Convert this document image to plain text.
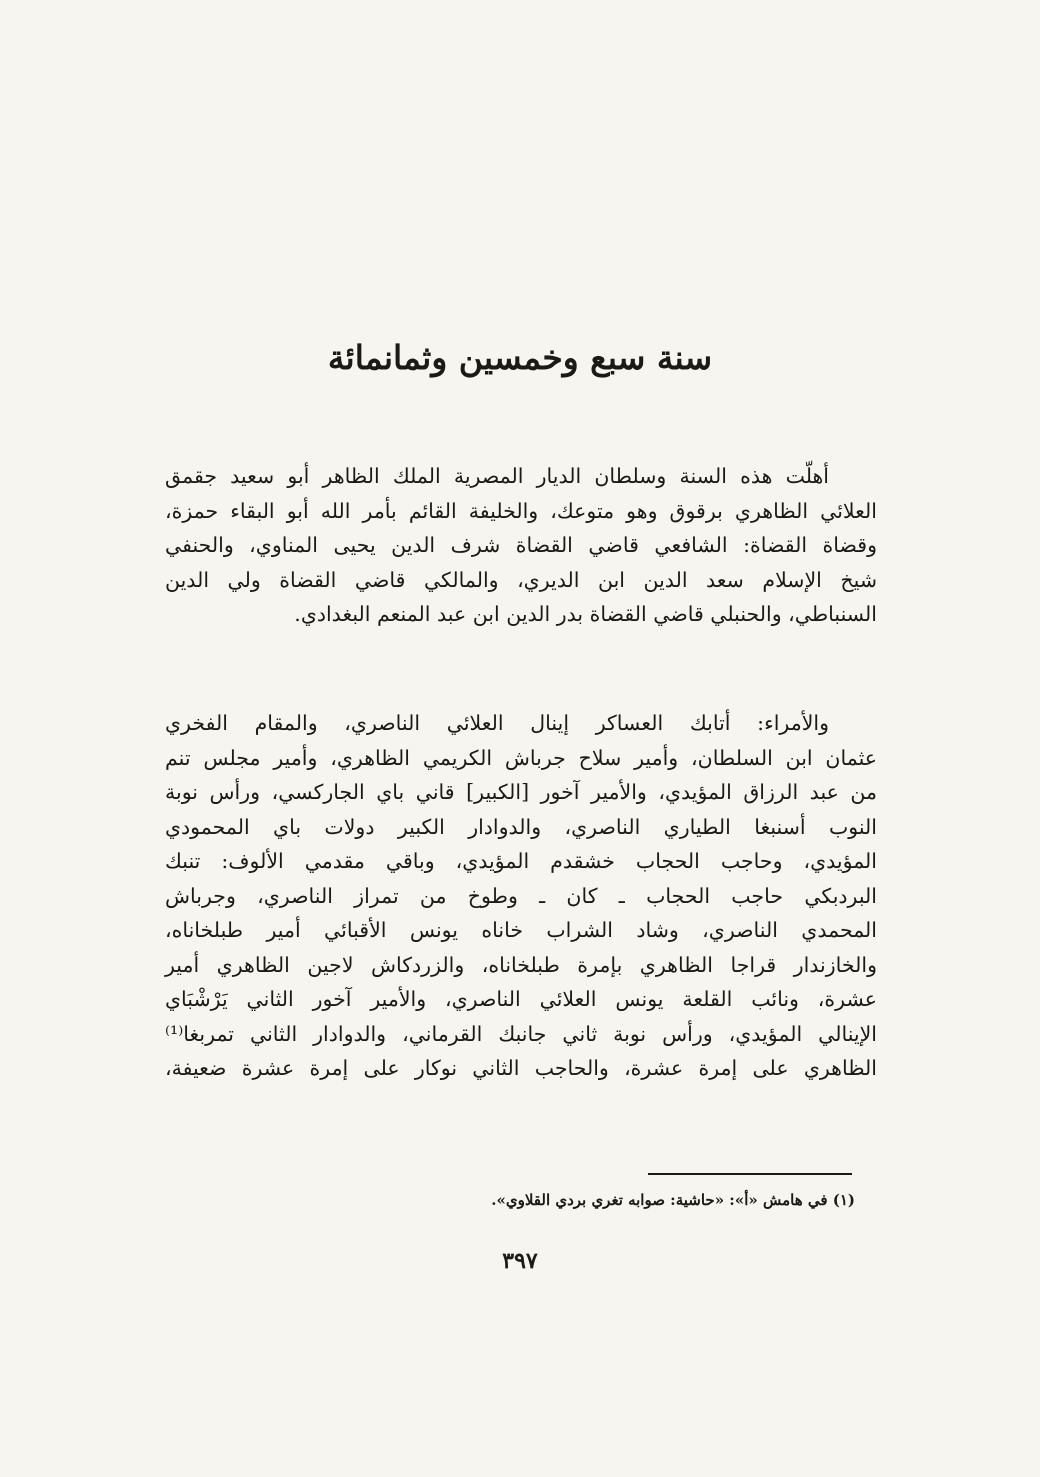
سنة سبع وخمسين وثمانمائة
أهلّت هذه السنة وسلطان الديار المصرية الملك الظاهر أبو سعيد جقمق
العلائي الظاهري برقوق وهو متوعك، والخليفة القائم بأمر الله أبو البقاء حمزة،
وقضاة القضاة: الشافعي قاضي القضاة شرف الدين يحيى المناوي، والحنفي
شيخ الإسلام سعد الدين ابن الديري، والمالكي قاضي القضاة ولي الدين
السنباطي، والحنبلي قاضي القضاة بدر الدين ابن عبد المنعم البغدادي.
والأمراء: أتابك العساكر إينال العلائي الناصري، والمقام الفخري
عثمان ابن السلطان، وأمير سلاح جرباش الكريمي الظاهري، وأمير مجلس تنم
من عبد الرزاق المؤيدي، والأمير آخور [الكبير] قاني باي الجاركسي، ورأس نوبة
النوب أسنبغا الطياري الناصري، والدوادار الكبير دولات باي المحمودي
المؤيدي، وحاجب الحجاب خشقدم المؤيدي، وباقي مقدمي الألوف: تنبك
البردبكي حاجب الحجاب ـ كان ـ وطوخ من تمراز الناصري، وجرباش
المحمدي الناصري، وشاد الشراب خاناه يونس الأقبائي أمير طبلخاناه،
والخازندار قراجا الظاهري بإمرة طبلخاناه، والزردكاش لاجين الظاهري أمير
عشرة، ونائب القلعة يونس العلائي الناصري، والأمير آخور الثاني يَرْشْبَاي
الإينالي المؤيدي، ورأس نوبة ثاني جانبك القرماني، والدوادار الثاني تمربغا⁽¹⁾
الظاهري على إمرة عشرة، والحاجب الثاني نوكار على إمرة عشرة ضعيفة،
(١) في هامش «أ»: «حاشية: صوابه تغري بردي القلاوي».
٣٩٧
